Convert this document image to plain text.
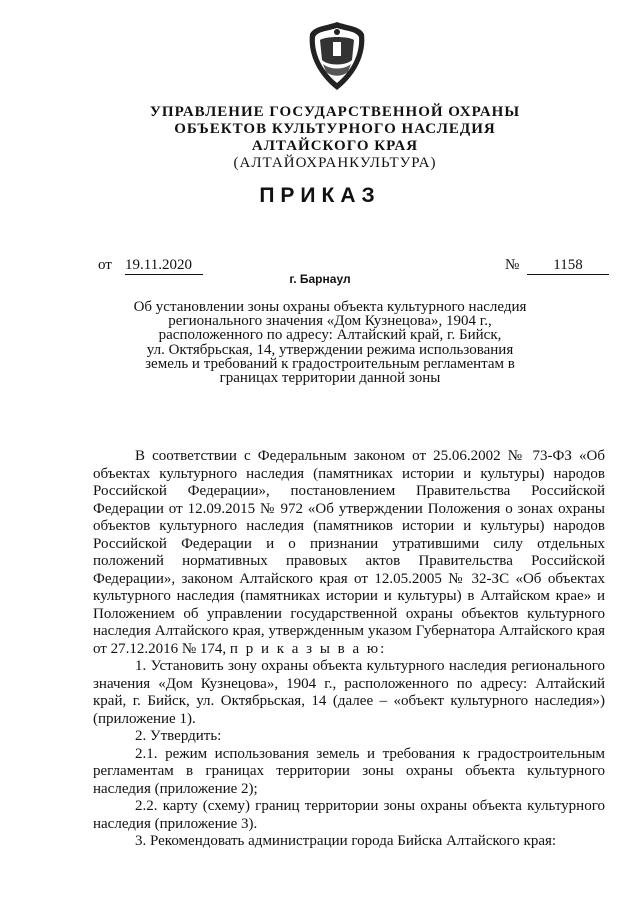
УПРАВЛЕНИЕ ГОСУДАРСТВЕННОЙ ОХРАНЫ
ОБЪЕКТОВ КУЛЬТУРНОГО НАСЛЕДИЯ
АЛТАЙСКОГО КРАЯ
(АЛТАЙОХРАНКУЛЬТУРА)
ПРИКАЗ
от 19.11.2020	№	1158
г. Барнаул
Об установлении зоны охраны объекта культурного наследия
регионального значения «Дом Кузнецова», 1904 г.,
расположенного по адресу: Алтайский край, г. Бийск,
ул. Октябрьская, 14, утверждении режима использования
земель и требований к градостроительным регламентам в
границах территории данной зоны

В соответствии с Федеральным законом от 25.06.2002 № 73-ФЗ «Об объектах культурного наследия (памятниках истории и культуры) народов Российской Федерации», постановлением Правительства Российской Федерации от 12.09.2015 № 972 «Об утверждении Положения о зонах охраны объектов культурного наследия (памятников истории и культуры) народов Российской Федерации и о признании утратившими силу отдельных положений нормативных правовых актов Правительства Российской Федерации», законом Алтайского края от 12.05.2005 № 32-ЗС «Об объектах культурного наследия (памятниках истории и культуры) в Алтайском крае» и Положением об управлении государственной охраны объектов культурного наследия Алтайского края, утвержденным указом Губернатора Алтайского края от 27.12.2016 № 174, п р и к а з ы в а ю:

1. Установить зону охраны объекта культурного наследия регионального значения «Дом Кузнецова», 1904 г., расположенного по адресу: Алтайский край, г. Бийск, ул. Октябрьская, 14 (далее – «объект культурного наследия») (приложение 1).

2. Утвердить:

2.1. режим использования земель и требования к градостроительным регламентам в границах территории зоны охраны объекта культурного наследия (приложение 2);

2.2. карту (схему) границ территории зоны охраны объекта культурного наследия (приложение 3).

3. Рекомендовать администрации города Бийска Алтайского края:
